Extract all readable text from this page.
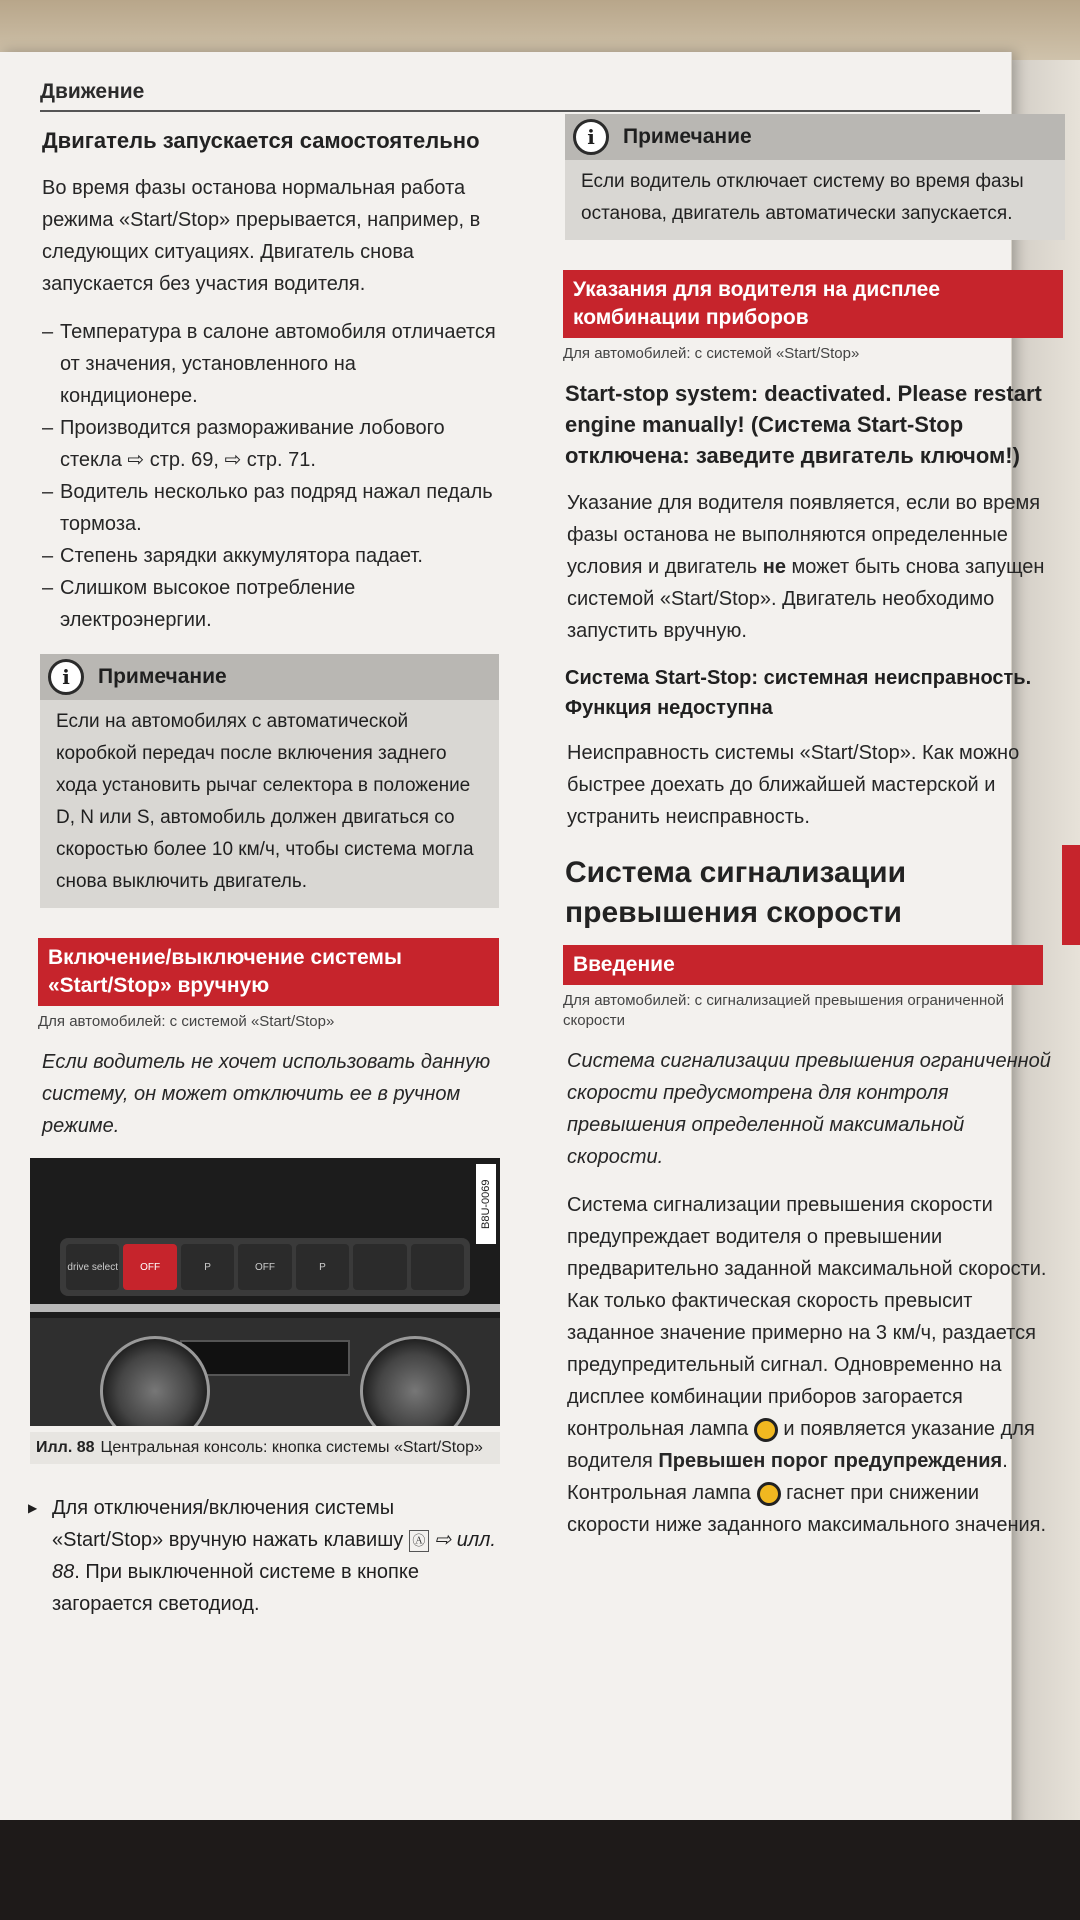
Движение
Двигатель запускается самостоятельно

Во время фазы останова нормальная работа режима «Start/Stop» прерывается, например, в следующих ситуациях. Двигатель снова запускается без участия водителя.

– Температура в салоне автомобиля отличается от значения, установленного на кондиционере.
– Производится размораживание лобового стекла ⇨ стр. 69, ⇨ стр. 71.
– Водитель несколько раз подряд нажал педаль тормоза.
– Степень зарядки аккумулятора падает.
– Слишком высокое потребление электроэнергии.
i	Примечание
Если на автомобилях с автоматической коробкой передач после включения заднего хода установить рычаг селектора в положение D, N или S, автомобиль должен двигаться со скоростью более 10 км/ч, чтобы система могла снова выключить двигатель.
Включение/выключение системы «Start/Stop» вручную
Для автомобилей: с системой «Start/Stop»

Если водитель не хочет использовать данную систему, он может отключить ее в ручном режиме.

B8U-0069
drive select	OFF	P	OFF	P
Илл. 88 Центральная консоль: кнопка системы «Start/Stop»

▶ Для отключения/включения системы «Start/Stop» вручную нажать клавишу Ⓐ ⇨ илл. 88. При выключенной системе в кнопке загорается светодиод.

i	Примечание
Если водитель отключает систему во время фазы останова, двигатель автоматически запускается.
Указания для водителя на дисплее комбинации приборов
Для автомобилей: с системой «Start/Stop»
Start-stop system: deactivated. Please restart engine manually! (Система Start-Stop отключена: заведите двигатель ключом!)

Указание для водителя появляется, если во время фазы останова не выполняются определенные условия и двигатель не может быть снова запущен системой «Start/Stop». Двигатель необходимо запустить вручную.

Система Start-Stop: системная неисправность. Функция недоступна

Неисправность системы «Start/Stop». Как можно быстрее доехать до ближайшей мастерской и устранить неисправность.

Система сигнализации превышения скорости
Введение
Для автомобилей: с сигнализацией превышения ограниченной скорости

Система сигнализации превышения ограниченной скорости предусмотрена для контроля превышения определенной максимальной скорости.

Система сигнализации превышения скорости предупреждает водителя о превышении предварительно заданной максимальной скорости. Как только фактическая скорость превысит заданное значение примерно на 3 км/ч, раздается предупредительный сигнал. Одновременно на дисплее комбинации приборов загорается контрольная лампа и появляется указание для водителя Превышен порог предупреждения. Контрольная лампа гаснет при снижении скорости ниже заданного максимального значения.
